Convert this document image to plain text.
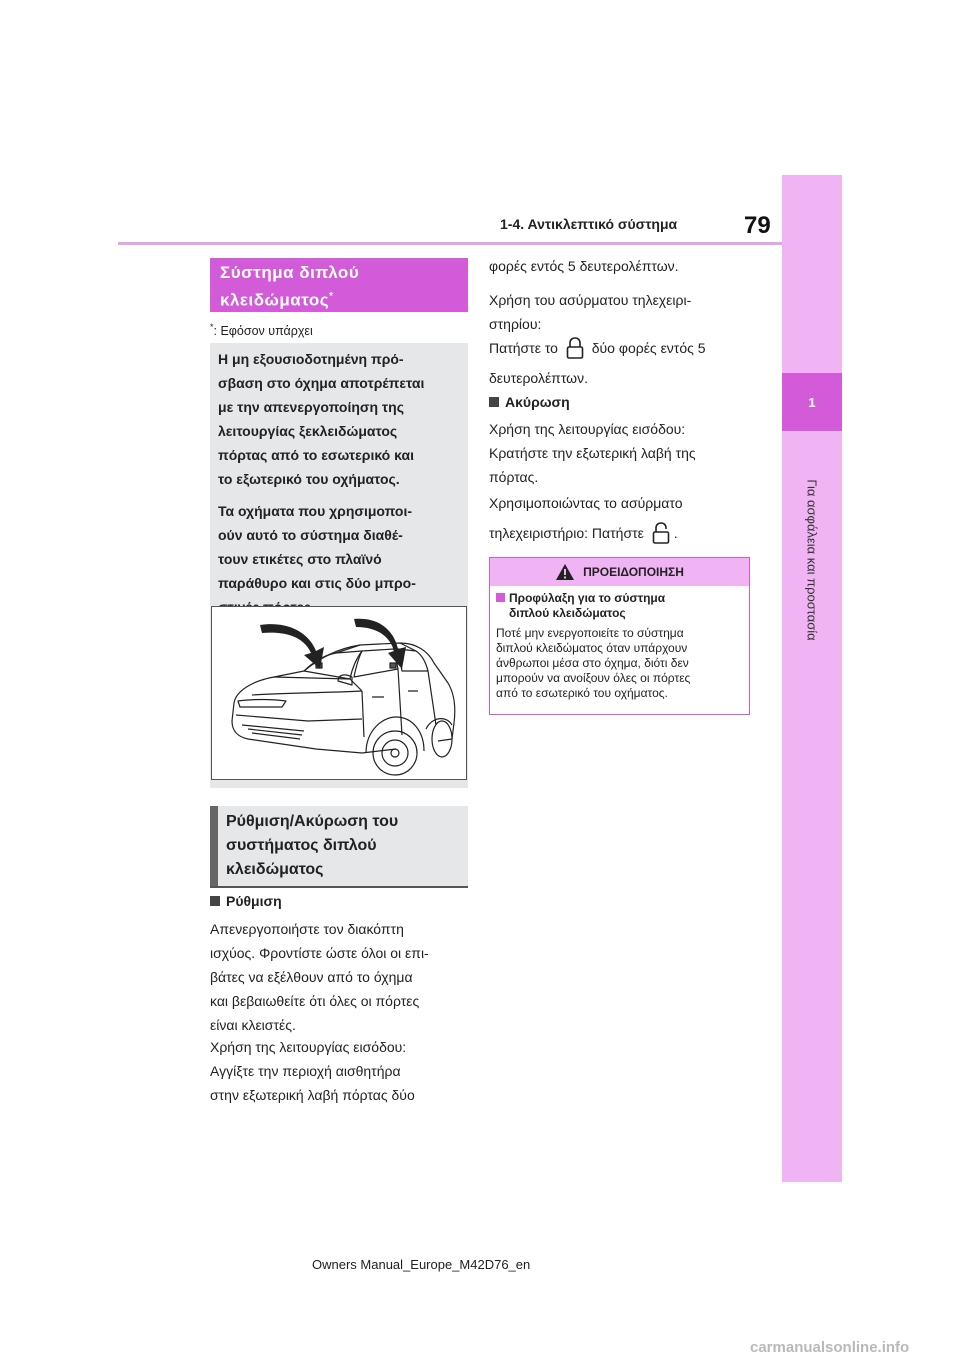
1-4. Αντικλεπτικό σύστημα	79
1
Για ασφάλεια και προστασία
Σύστημα διπλού
κλειδώματος*
*: Εφόσον υπάρχει

Η μη εξουσιοδοτημένη πρό-
σβαση στο όχημα αποτρέπεται
με την απενεργοποίηση της
λειτουργίας ξεκλειδώματος
πόρτας από το εσωτερικό και
το εξωτερικό του οχήματος.

Τα οχήματα που χρησιμοποι-
ούν αυτό το σύστημα διαθέ-
τουν ετικέτες στο πλαϊνό
παράθυρο και στις δύο μπρο-

Ρύθμιση/Ακύρωση του
συστήματος διπλού
κλειδώματος
Ρύθμιση
Απενεργοποιήστε τον διακόπτη
ισχύος. Φροντίστε ώστε όλοι οι επι-
βάτες να εξέλθουν από το όχημα
και βεβαιωθείτε ότι όλες οι πόρτες
είναι κλειστές.
Χρήση της λειτουργίας εισόδου:
Αγγίξτε την περιοχή αισθητήρα
στην εξωτερική λαβή πόρτας δύο
φορές εντός 5 δευτερολέπτων.
Χρήση του ασύρματου τηλεχειρι-
στηρίου:
Πατήστε το δύο φορές εντός 5
δευτερολέπτων.
Ακύρωση
Χρήση της λειτουργίας εισόδου:
Κρατήστε την εξωτερική λαβή της
πόρτας.
Χρησιμοποιώντας το ασύρματο
τηλεχειριστήριο: Πατήστε .
ΠΡΟΕΙΔΟΠΟΙΗΣΗ
Προφύλαξη για το σύστημα
διπλού κλειδώματος
Ποτέ μην ενεργοποιείτε το σύστημα
διπλού κλειδώματος όταν υπάρχουν
άνθρωποι μέσα στο όχημα, διότι δεν
μπορούν να ανοίξουν όλες οι πόρτες
από το εσωτερικό του οχήματος.
Owners Manual_Europe_M42D76_en
carmanualsonline.info
